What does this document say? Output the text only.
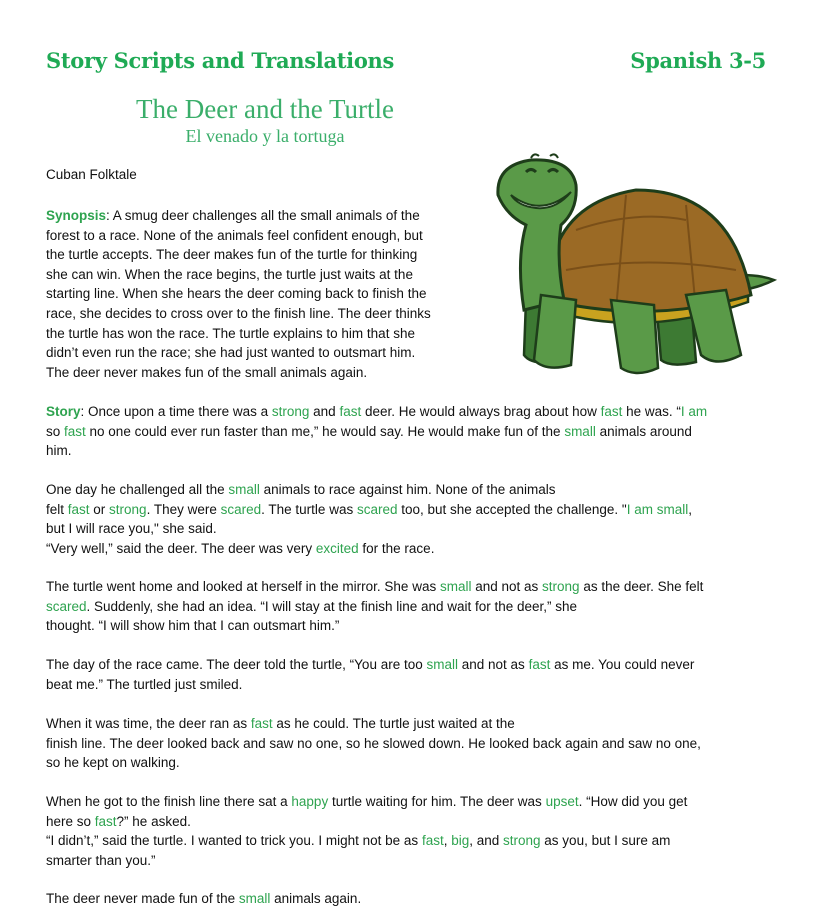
Story Scripts and Translations	Spanish 3-5
The Deer and the Turtle
El venado y la tortuga
Cuban Folktale
Synopsis: A smug deer challenges all the small animals of the
forest to a race. None of the animals feel confident enough, but
the turtle accepts. The deer makes fun of the turtle for thinking
she can win. When the race begins, the turtle just waits at the
starting line. When she hears the deer coming back to finish the
race, she decides to cross over to the finish line. The deer thinks
the turtle has won the race. The turtle explains to him that she
didn’t even run the race; she had just wanted to outsmart him.
The deer never makes fun of the small animals again.
Story: Once upon a time there was a strong and fast deer. He would always brag about how fast he was. “I am
so fast no one could ever run faster than me,” he would say. He would make fun of the small animals around
him.
One day he challenged all the small animals to race against him. None of the animals
felt fast or strong. They were scared. The turtle was scared too, but she accepted the challenge. "I am small,
but I will race you," she said.
“Very well,” said the deer. The deer was very excited for the race.
The turtle went home and looked at herself in the mirror. She was small and not as strong as the deer. She felt
scared. Suddenly, she had an idea. “I will stay at the finish line and wait for the deer,” she
thought. “I will show him that I can outsmart him.”
The day of the race came. The deer told the turtle, “You are too small and not as fast as me. You could never
beat me.” The turtled just smiled.
When it was time, the deer ran as fast as he could. The turtle just waited at the
finish line. The deer looked back and saw no one, so he slowed down. He looked back again and saw no one,
so he kept on walking.
When he got to the finish line there sat a happy turtle waiting for him. The deer was upset. “How did you get
here so fast?” he asked.
“I didn’t,” said the turtle. I wanted to trick you. I might not be as fast, big, and strong as you, but I sure am
smarter than you.”
The deer never made fun of the small animals again.
